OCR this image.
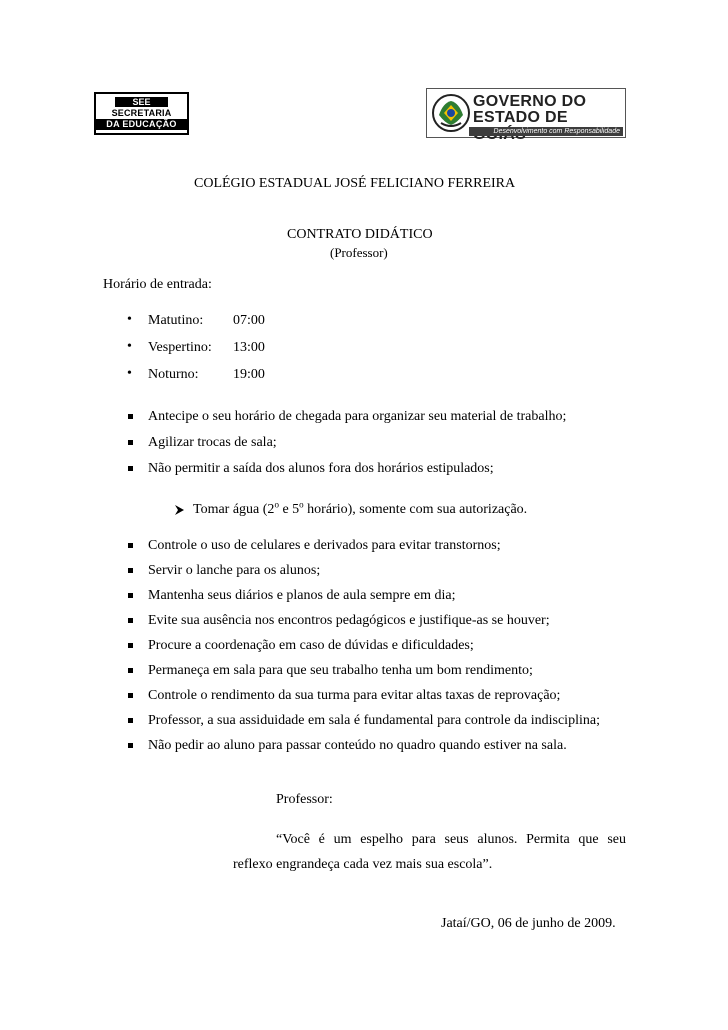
SEE
SECRETARIA
DA EDUCAÇÃO
GOVERNO DO
ESTADO DE
Desenvolvimento com Responsabilidade
COLÉGIO ESTADUAL JOSÉ FELICIANO FERREIRA
CONTRATO DIDÁTICO
(Professor)
Horário de entrada:
• Matutino: 07:00
• Vespertino: 13:00
• Noturno: 19:00
Antecipe o seu horário de chegada para organizar seu material de trabalho;
Agilizar trocas de sala;
Não permitir a saída dos alunos fora dos horários estipulados;
Tomar água (2$^o$ e 5$^o$ horário), somente com sua autorização.
Controle o uso de celulares e derivados para evitar transtornos;
Servir o lanche para os alunos;
Mantenha seus diários e planos de aula sempre em dia;
Evite sua ausência nos encontros pedagógicos e justifique-as se houver;
Procure a coordenação em caso de dúvidas e dificuldades;
Permaneça em sala para que seu trabalho tenha um bom rendimento;
Controle o rendimento da sua turma para evitar altas taxas de reprovação;
Professor, a sua assiduidade em sala é fundamental para controle da indisciplina;
Não pedir ao aluno para passar conteúdo no quadro quando estiver na sala.
Professor:
“Você é um espelho para seus alunos. Permita que seu
reflexo engrandeça cada vez mais sua escola”.
Jataí/GO, 06 de junho de 2009.
